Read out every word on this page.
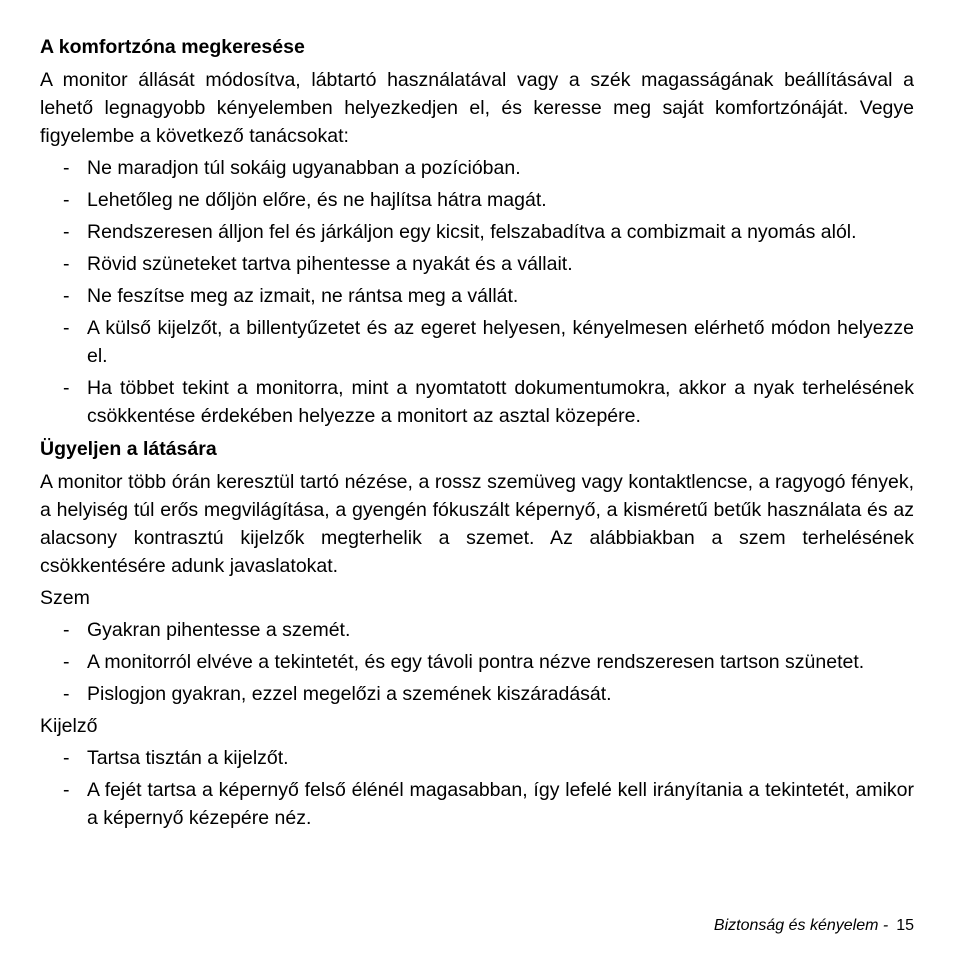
A komfortzóna megkeresése

A monitor állását módosítva, lábtartó használatával vagy a szék magasságának beállításával a lehető legnagyobb kényelemben helyezkedjen el, és keresse meg saját komfortzónáját. Vegye figyelembe a következő tanácsokat:

- Ne maradjon túl sokáig ugyanabban a pozícióban.
- Lehetőleg ne dőljön előre, és ne hajlítsa hátra magát.
- Rendszeresen álljon fel és járkáljon egy kicsit, felszabadítva a combizmait a nyomás alól.
- Rövid szüneteket tartva pihentesse a nyakát és a vállait.
- Ne feszítse meg az izmait, ne rántsa meg a vállát.
- A külső kijelzőt, a billentyűzetet és az egeret helyesen, kényelmesen elérhető módon helyezze el.
- Ha többet tekint a monitorra, mint a nyomtatott dokumentumokra, akkor a nyak terhelésének csökkentése érdekében helyezze a monitort az asztal közepére.
Ügyeljen a látására

A monitor több órán keresztül tartó nézése, a rossz szemüveg vagy kontaktlencse, a ragyogó fények, a helyiség túl erős megvilágítása, a gyengén fókuszált képernyő, a kisméretű betűk használata és az alacsony kontrasztú kijelzők megterhelik a szemet. Az alábbiakban a szem terhelésének csökkentésére adunk javaslatokat.

Szem
- Gyakran pihentesse a szemét.
- A monitorról elvéve a tekintetét, és egy távoli pontra nézve rendszeresen tartson szünetet.
- Pislogjon gyakran, ezzel megelőzi a szemének kiszáradását.
Kijelző
- Tartsa tisztán a kijelzőt.
- A fejét tartsa a képernyő felső élénél magasabban, így lefelé kell irányítania a tekintetét, amikor a képernyő kézepére néz.
Biztonság és kényelem - 15
